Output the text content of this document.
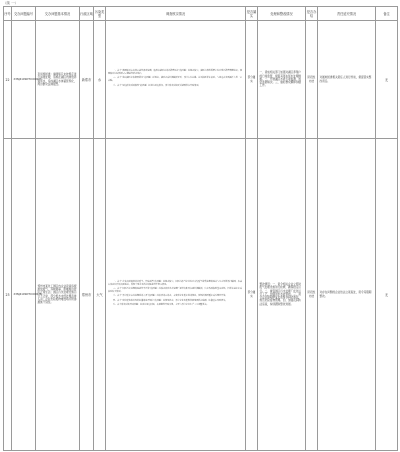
（续 一）
序号	交办问题编号	交办问题基本情况	行政区域	污染类型	调查核实情况	是否属实	处理和整改情况	是否办结	责任追究情况	备注
22	X3NJ410SDTCC00023	奈何桥街道：渔网船只未按规定进行消毒处理，违规在湖区内排放养殖尾水，造成湖区水体富营养化，周边群众反映强烈。	新郑市	水	一、关于“渔网船只未按规定进行消毒处理，违规在湖区内排放养殖尾水”的问题：经调查核实，湖区内现有养殖户均已签订养殖管理协议，渔网船只均按照规定定期进行检查维护。

二、关于“造成湖区水体富营养化”的问题：经调查，湖区水质监测数据显示，部分点位总磷、总氮指标存在波动，与周边农业面源汇入有一定关联。

三、关于“周边群众反映强烈”的问题：经走访周边群众，部分群众反映夏季湖面存在异味情况。	部分属实	一、责成相关部门加强对湖区养殖户的日常监管，督促其落实尾水处理措施。二、开展湖区水质专项监测，加密监测频次。三、做好群众解释沟通工作。	阶段性办结	对属地街道相关责任人进行约谈，督促落实整改责任。	无
23	X3NJ410SDTCC00078	郑州市某化工园区内企业夜间违规排放废气，异味刺鼻，影响周边居民正常生活；园区污水处理设施运行不正常，部分废水未经处理直排入河；企业危险废物堆放场所防渗措施不到位。	郑州市	大气	一、关于“企业夜间违规排放废气，异味刺鼻”的问题：经调查核实，园区内涉气企业均已安装废气收集处理设施并与生态环境部门联网，执法人员连续开展夜间巡查，发现个别企业存在设施运行不稳定情况。

二、关于“园区污水处理设施运行不正常”的问题：经核查园区污水处理厂运行台账及在线监测数据，出水各项指标基本达标，但存在进水水质波动较大情况。

三、关于“部分废水未经处理直排入河”的问题：经沿河排口排查，未发现企业废水直排现象，现场检测河道水质无明显异常。

四、关于“危险废物堆放场所防渗措施不到位”的问题：经现场检查，部分企业危废暂存间地面存在破损，防渗层未及时修复。

五、关于群众反映异味问题：经走访周边居民，夜间确有异味出现，主要与部分企业生产工艺调整有关。	部分属实	整改情况：一、责令相关企业立即对废气处理设施进行检修，确保稳定运行。二、督促园区污水处理厂优化运行工艺，加强进水水质管控。三、责令企业限期修复危废暂存间防渗层，规范危险废物管理。四、加强夜间执法巡查，持续跟踪整改进展。	阶段性办结	对存在问题的企业依法立案查处，责令其限期整改。	无
